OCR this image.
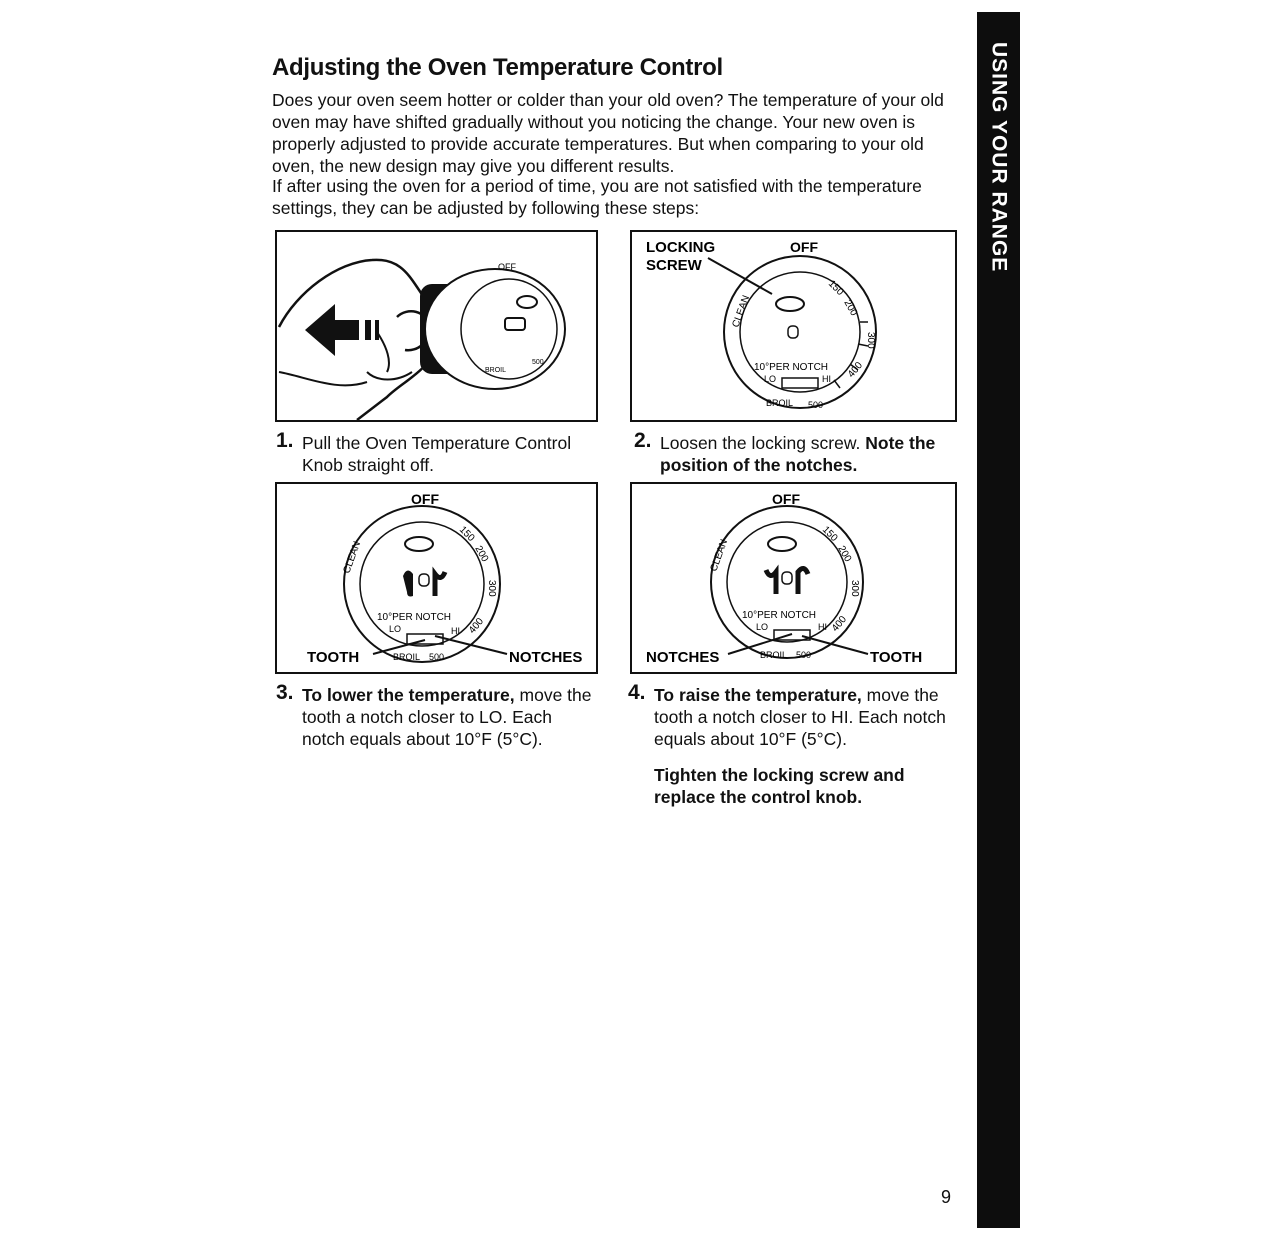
Adjusting the Oven Temperature Control
Does your oven seem hotter or colder than your old oven? The temperature of your old oven may have shifted gradually without you noticing the change. Your new oven is properly adjusted to provide accurate temperatures. But when comparing to your old oven, the new design may give you different results.
If after using the oven for a period of time, you are not satisfied with the temperature settings, they can be adjusted by following these steps:	USING YOUR RANGE
OFF
BROIL
500
LOCKING
SCREW
OFF
CLEAN
150
200
300
400
10°PER NOTCH
LO	HI
BROIL 500
1. Pull the Oven Temperature Control Knob straight off.
2. Loosen the locking screw. Note the position of the notches.
OFF
CLEAN
150
200
300
400
10°PER NOTCH
LO	HI
BROIL 500
TOOTH	NOTCHES
OFF
CLEAN
150
200
300
400
10°PER NOTCH
LO	HI
BROIL 500
NOTCHES	TOOTH
3. To lower the temperature, move the tooth a notch closer to LO. Each notch equals about 10°F (5°C).
4. To raise the temperature, move the tooth a notch closer to HI. Each notch equals about 10°F (5°C).
Tighten the locking screw and replace the control knob.
9
